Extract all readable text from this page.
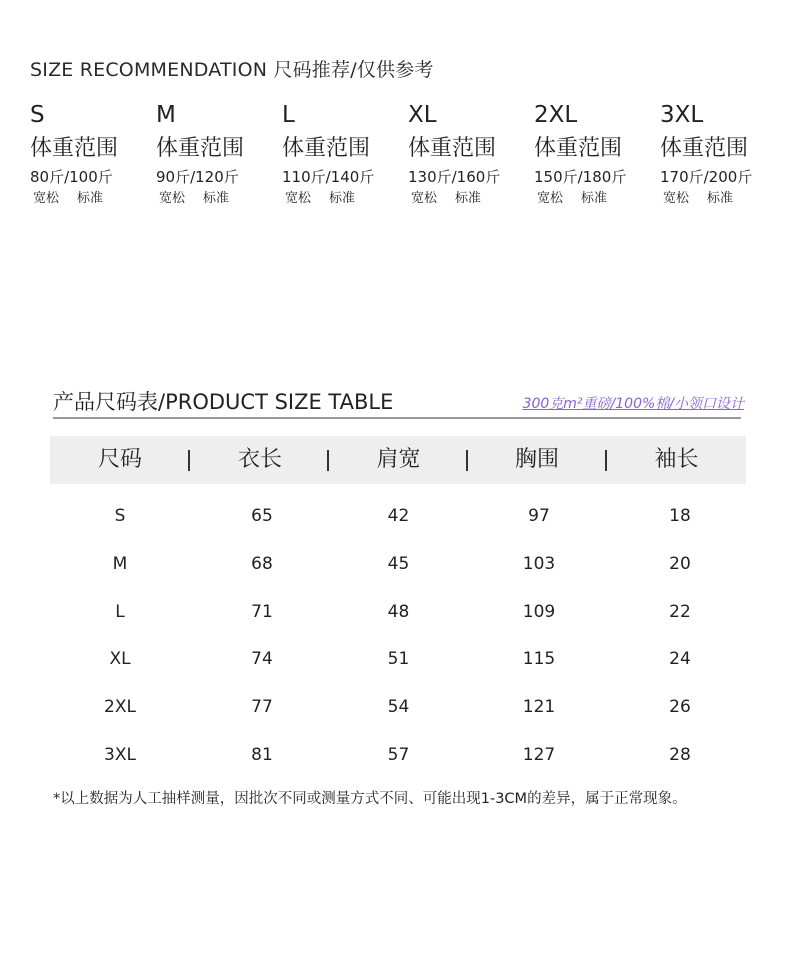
SIZE RECOMMENDATION 尺码推荐/仅供参考
S
体重范围
80斤/100斤
宽松 标准
M
体重范围
90斤/120斤
宽松 标准
L
体重范围
110斤/140斤
宽松 标准
XL
体重范围
130斤/160斤
宽松 标准
2XL
体重范围
150斤/180斤
宽松 标准
3XL
体重范围
170斤/200斤
宽松 标准
产品尺码表/PRODUCT SIZE TABLE	300克m²重磅/100%棉/小领口设计
尺码	衣长	肩宽	胸围	袖长
S	65	42	97	18
M	68	45	103	20
L	71	48	109	22
XL	74	51	115	24
2XL	77	54	121	26
3XL	81	57	127	28
*以上数据为人工抽样测量，因批次不同或测量方式不同、可能出现1-3CM的差异，属于正常现象。
